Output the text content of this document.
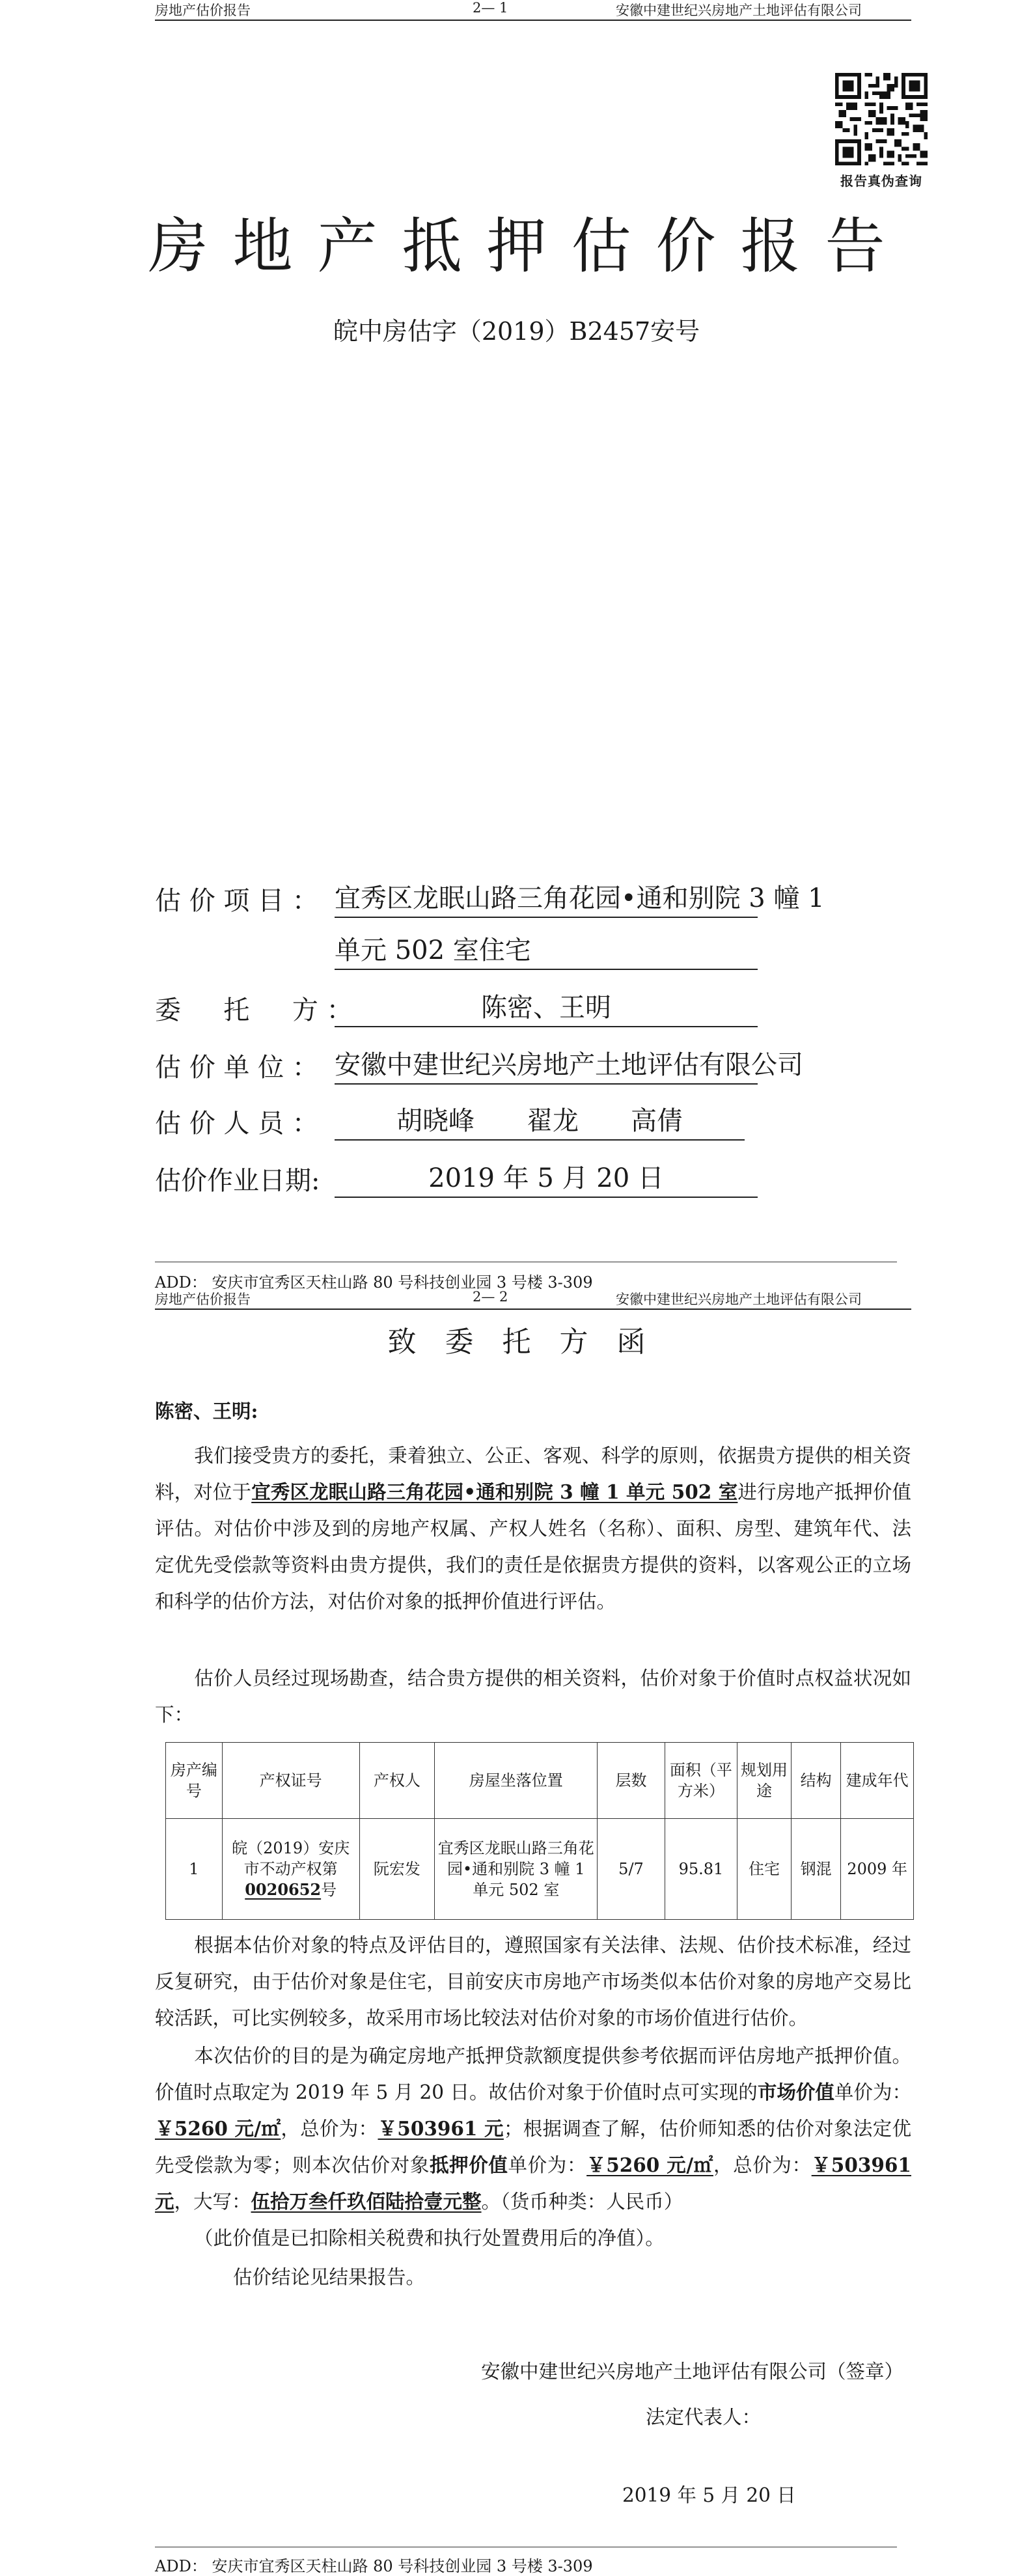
房地产估价报告	2— 1	安徽中建世纪兴房地产土地评估有限公司
报告真伪查询
房地产抵押估价报告
皖中房估字（2019）B2457安号
估 价 项 目 ： 宜秀区龙眠山路三角花园•通和别院 3 幢 1
单元 502 室住宅
委 　 托 　 方 ：	陈密、王明
估 价 单 位 ： 安徽中建世纪兴房地产土地评估有限公司
估 价 人 员 ：	胡晓峰　　翟龙　　高倩
估价作业日期:	2019 年 5 月 20 日
ADD： 安庆市宜秀区天柱山路 80 号科技创业园 3 号楼 3-309
房地产估价报告	2— 2	安徽中建世纪兴房地产土地评估有限公司
致委托方函
陈密、王明:
我们接受贵方的委托，秉着独立、公正、客观、科学的原则，依据贵方提供的相关资料，对位于宜秀区龙眠山路三角花园•通和别院 3 幢 1 单元 502 室进行房地产抵押价值评估。对估价中涉及到的房地产权属、产权人姓名（名称）、面积、房型、建筑年代、法定优先受偿款等资料由贵方提供，我们的责任是依据贵方提供的资料，以客观公正的立场和科学的估价方法，对估价对象的抵押价值进行评估。
估价人员经过现场勘查，结合贵方提供的相关资料，估价对象于价值时点权益状况如下：
房产编号	产权证号	产权人	房屋坐落位置	层数	面积（平方米）	规划用途	结构	建成年代
1	皖（2019）安庆市不动产权第0020652号	阮宏发	宜秀区龙眠山路三角花园•通和别院 3 幢 1 单元 502 室	5/7	95.81	住宅	钢混	2009 年
根据本估价对象的特点及评估目的，遵照国家有关法律、法规、估价技术标准，经过反复研究，由于估价对象是住宅，目前安庆市房地产市场类似本估价对象的房地产交易比较活跃，可比实例较多，故采用市场比较法对估价对象的市场价值进行估价。
本次估价的目的是为确定房地产抵押贷款额度提供参考依据而评估房地产抵押价值。价值时点取定为 2019 年 5 月 20 日。故估价对象于价值时点可实现的市场价值单价为：￥5260 元/㎡，总价为：￥503961 元；根据调查了解，估价师知悉的估价对象法定优先受偿款为零；则本次估价对象抵押价值单价为：￥5260 元/㎡，总价为：￥503961 元，大写：伍拾万叁仟玖佰陆拾壹元整。（货币种类：人民币）
（此价值是已扣除相关税费和执行处置费用后的净值）。
估价结论见结果报告。
安徽中建世纪兴房地产土地评估有限公司（签章）
法定代表人：
2019 年 5 月 20 日
ADD： 安庆市宜秀区天柱山路 80 号科技创业园 3 号楼 3-309
